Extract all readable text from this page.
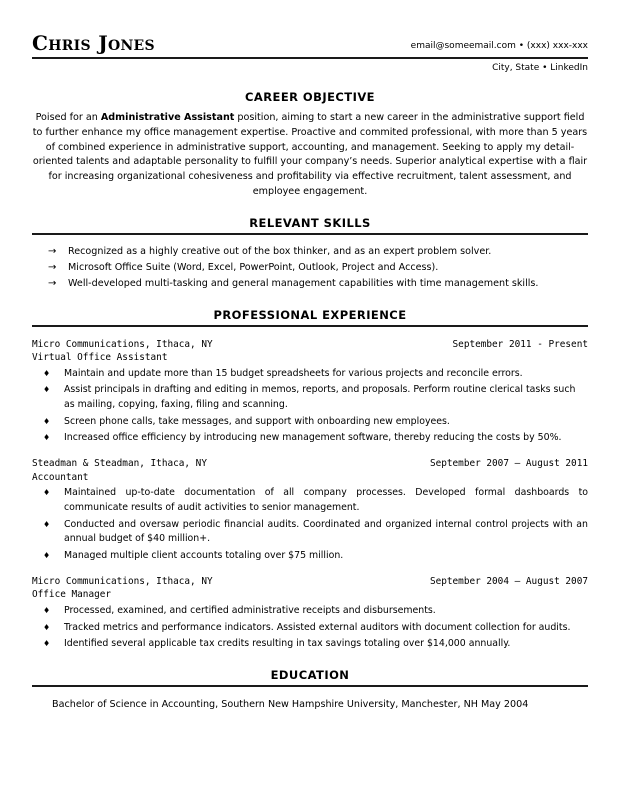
Chris Jones	email@someemail.com • (xxx) xxx-xxx
City, State • LinkedIn
CAREER OBJECTIVE

Poised for an Administrative Assistant position, aiming to start a new career in the administrative support field to further enhance my office management expertise. Proactive and commited professional, with more than 5 years of combined experience in administrative support, accounting, and management. Seeking to apply my detail-oriented talents and adaptable personality to fulfill your company’s needs. Superior analytical expertise with a flair for increasing organizational cohesiveness and profitability via effective recruitment, talent assessment, and employee engagement.

RELEVANT SKILLS
→	Recognized as a highly creative out of the box thinker, and as an expert problem solver.
→	Microsoft Office Suite (Word, Excel, PowerPoint, Outlook, Project and Access).
→	Well-developed multi-tasking and general management capabilities with time management skills.
PROFESSIONAL EXPERIENCE
Micro Communications, Ithaca, NY	September 2011 - Present
Virtual Office Assistant
♦	Maintain and update more than 15 budget spreadsheets for various projects and reconcile errors.
♦	Assist principals in drafting and editing in memos, reports, and proposals. Perform routine clerical tasks such as mailing, copying, faxing, filing and scanning.
♦	Screen phone calls, take messages, and support with onboarding new employees.
♦	Increased office efficiency by introducing new management software, thereby reducing the costs by 50%.
Steadman & Steadman, Ithaca, NY	September 2007 – August 2011
Accountant
♦	Maintained up-to-date documentation of all company processes. Developed formal dashboards to communicate results of audit activities to senior management.
♦	Conducted and oversaw periodic financial audits. Coordinated and organized internal control projects with an annual budget of $40 million+.
♦	Managed multiple client accounts totaling over $75 million.
Micro Communications, Ithaca, NY	September 2004 – August 2007
Office Manager
♦	Processed, examined, and certified administrative receipts and disbursements.
♦	Tracked metrics and performance indicators. Assisted external auditors with document collection for audits.
♦	Identified several applicable tax credits resulting in tax savings totaling over $14,000 annually.
EDUCATION
Bachelor of Science in Accounting, Southern New Hampshire University, Manchester, NH May 2004
